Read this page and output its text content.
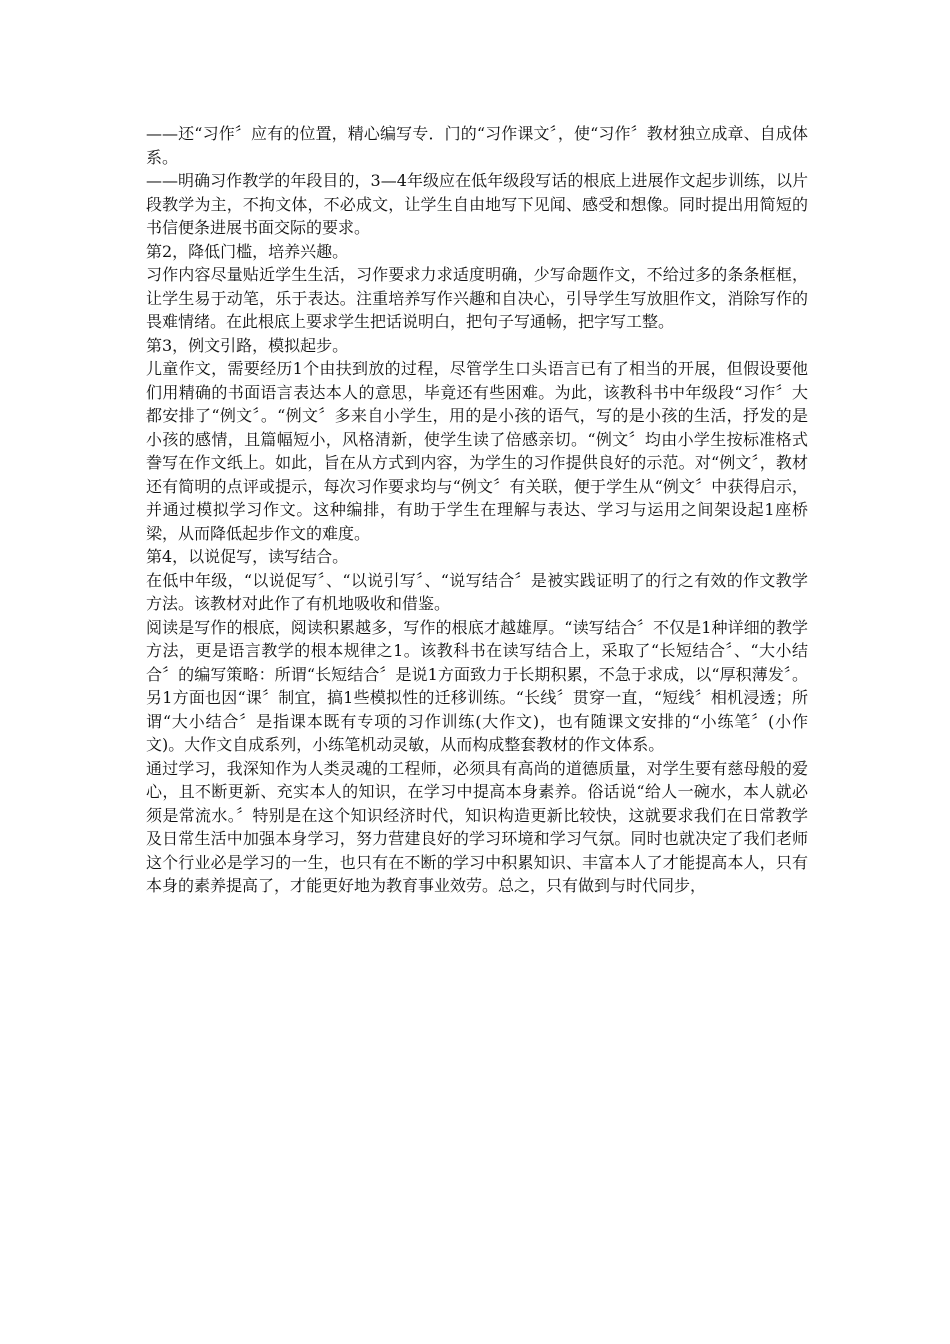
——还“习作〞应有的位置，精心编写专．门的“习作课文〞，使“习作〞教材独立成章、自成体系。

——明确习作教学的年段目的，3—4年级应在低年级段写话的根底上进展作文起步训练，以片段教学为主，不拘文体，不必成文，让学生自由地写下见闻、感受和想像。同时提出用简短的书信便条进展书面交际的要求。

第2，降低门槛，培养兴趣。

习作内容尽量贴近学生生活，习作要求力求适度明确，少写命题作文，不给过多的条条框框，让学生易于动笔，乐于表达。注重培养写作兴趣和自决心，引导学生写放胆作文，消除写作的畏难情绪。在此根底上要求学生把话说明白，把句子写通畅，把字写工整。

第3，例文引路，模拟起步。

儿童作文，需要经历1个由扶到放的过程，尽管学生口头语言已有了相当的开展，但假设要他们用精确的书面语言表达本人的意思，毕竟还有些困难。为此，该教科书中年级段“习作〞大都安排了“例文〞。“例文〞多来自小学生，用的是小孩的语气，写的是小孩的生活，抒发的是小孩的感情，且篇幅短小，风格清新，使学生读了倍感亲切。“例文〞均由小学生按标准格式誊写在作文纸上。如此，旨在从方式到内容，为学生的习作提供良好的示范。对“例文〞，教材还有简明的点评或提示，每次习作要求均与“例文〞有关联，便于学生从“例文〞中获得启示，并通过模拟学习作文。这种编排，有助于学生在理解与表达、学习与运用之间架设起1座桥梁，从而降低起步作文的难度。

第4，以说促写，读写结合。

在低中年级，“以说促写〞、“以说引写〞、“说写结合〞是被实践证明了的行之有效的作文教学方法。该教材对此作了有机地吸收和借鉴。

阅读是写作的根底，阅读积累越多，写作的根底才越雄厚。“读写结合〞不仅是1种详细的教学方法，更是语言教学的根本规律之1。该教科书在读写结合上，采取了“长短结合〞、“大小结合〞的编写策略：所谓“长短结合〞是说1方面致力于长期积累，不急于求成，以“厚积薄发〞。另1方面也因“课〞制宜，搞1些模拟性的迁移训练。“长线〞贯穿一直，“短线〞相机浸透；所谓“大小结合〞是指课本既有专项的习作训练(大作文)，也有随课文安排的“小练笔〞(小作文)。大作文自成系列，小练笔机动灵敏，从而构成整套教材的作文体系。

通过学习，我深知作为人类灵魂的工程师，必须具有高尚的道德质量，对学生要有慈母般的爱心，且不断更新、充实本人的知识，在学习中提高本身素养。俗话说“给人一碗水，本人就必须是常流水。〞特别是在这个知识经济时代，知识构造更新比较快，这就要求我们在日常教学及日常生活中加强本身学习，努力营建良好的学习环境和学习气氛。同时也就决定了我们老师这个行业必是学习的一生，也只有在不断的学习中积累知识、丰富本人了才能提高本人，只有本身的素养提高了，才能更好地为教育事业效劳。总之，只有做到与时代同步，
